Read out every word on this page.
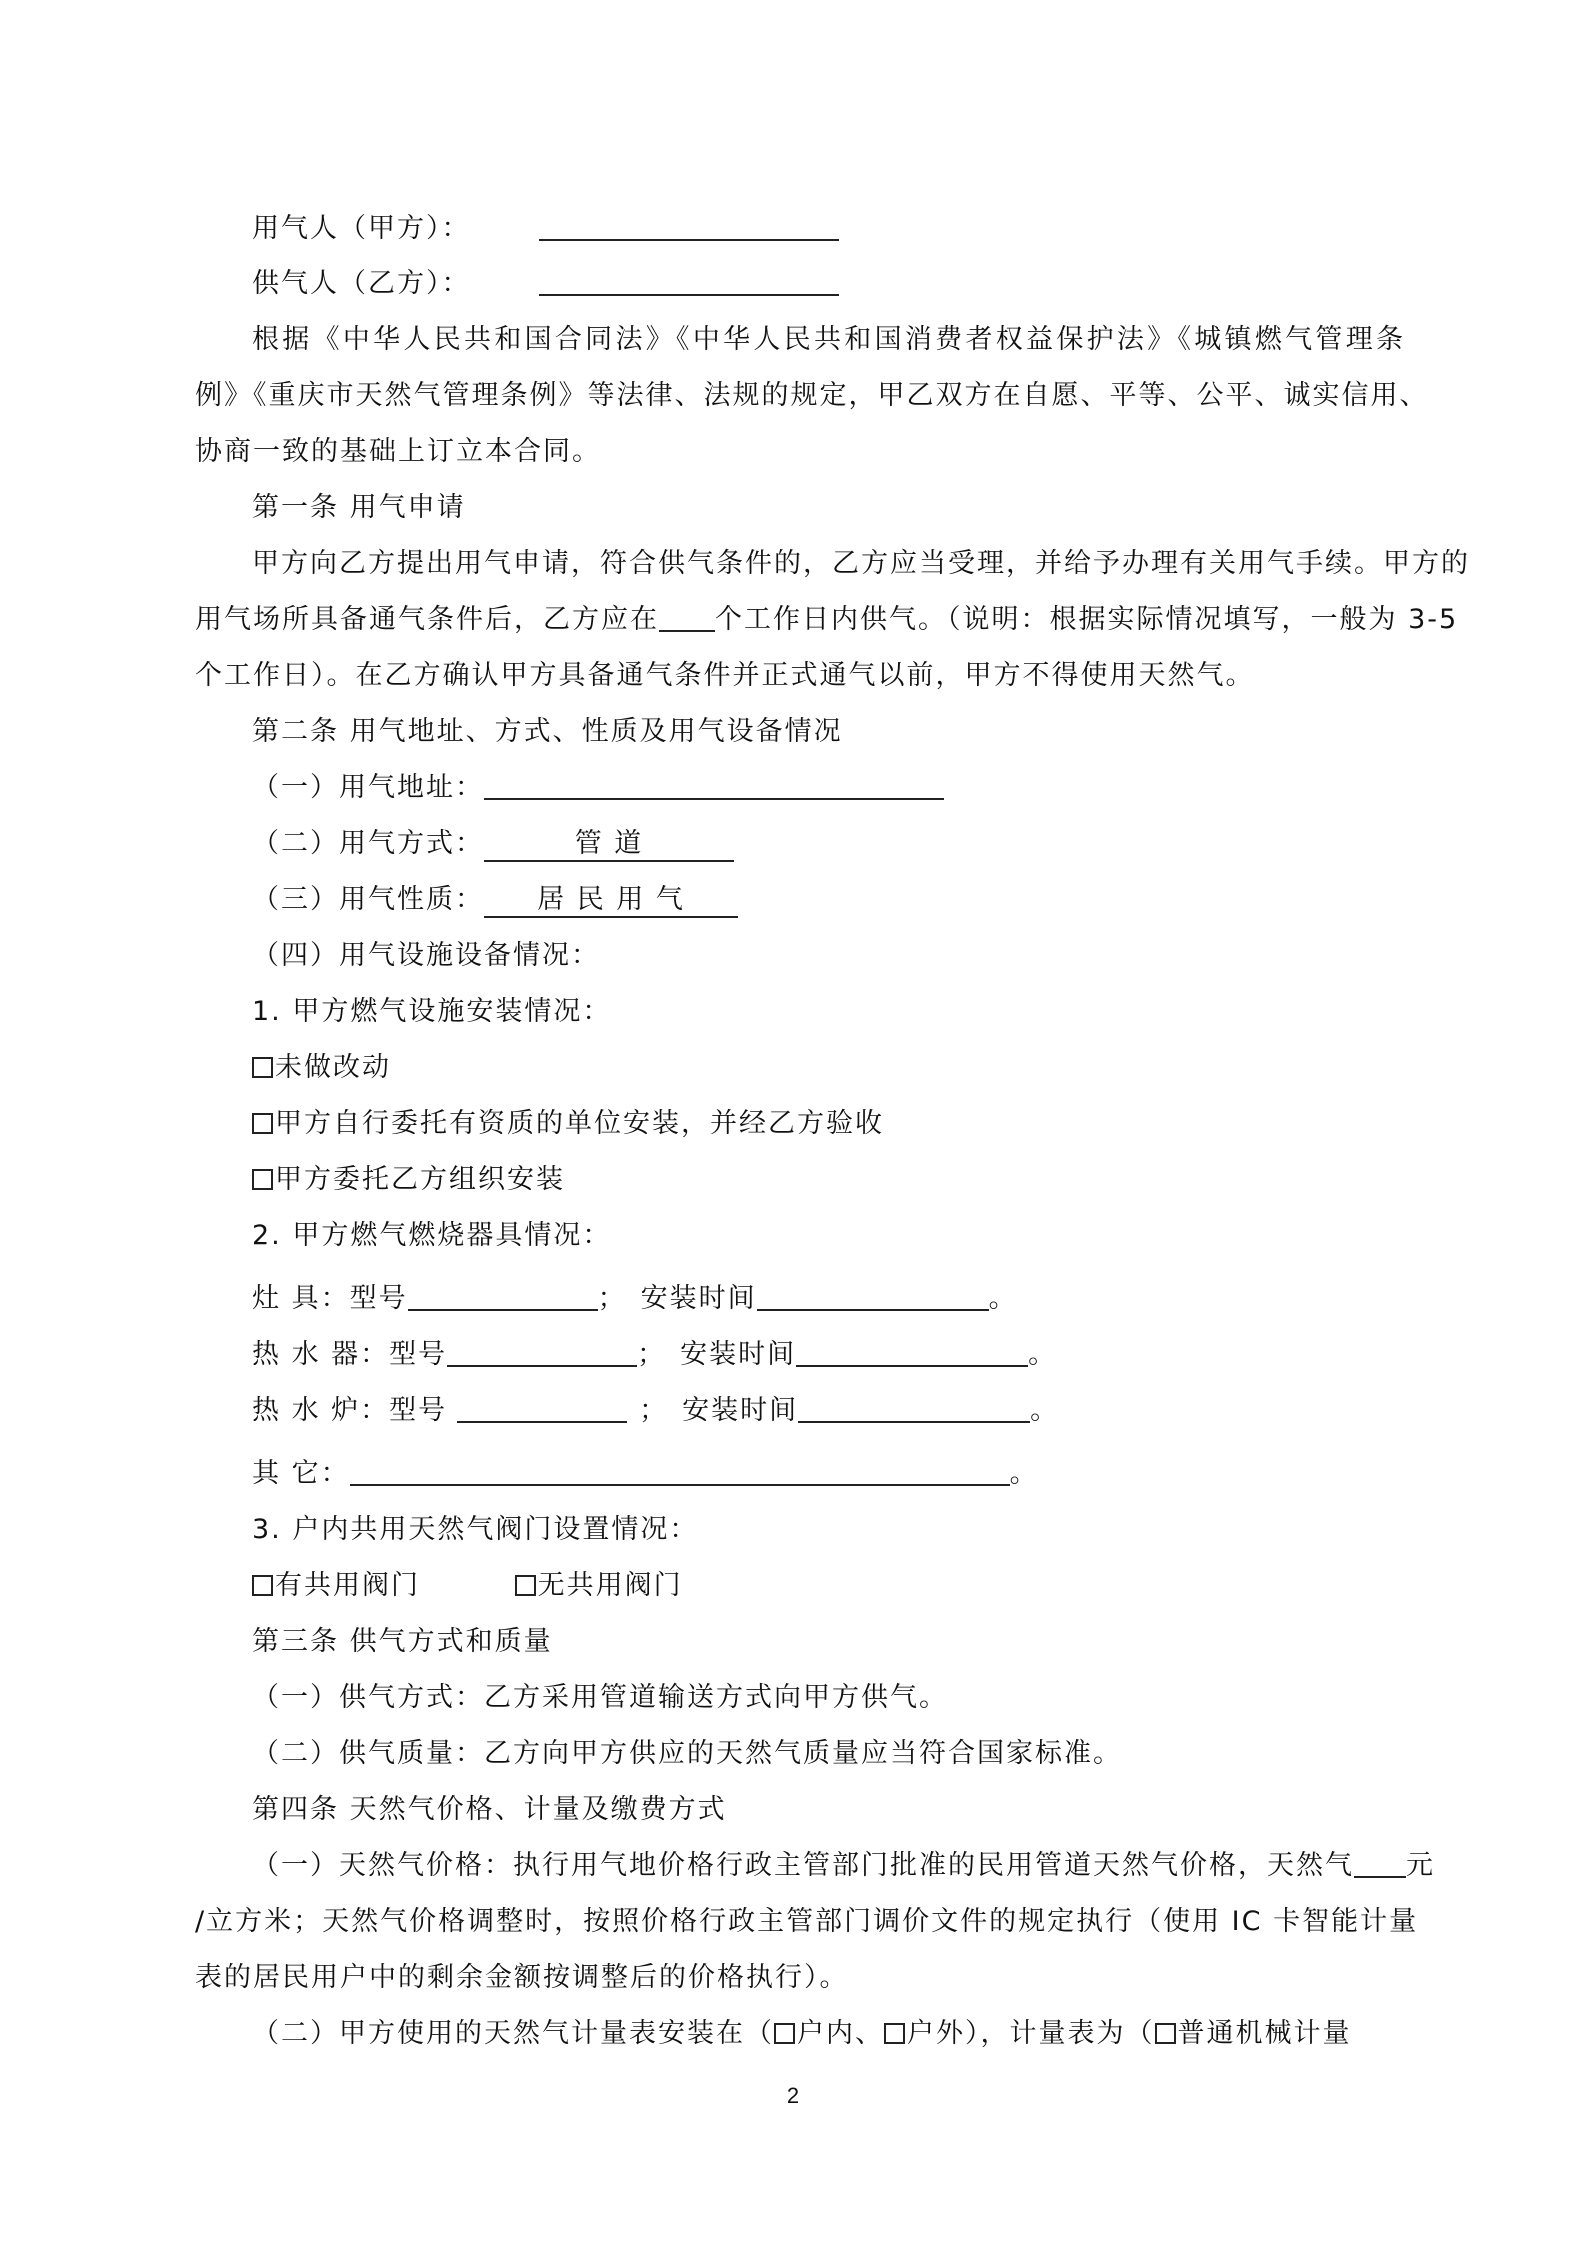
用气人（甲方）：
供气人（乙方）：
根据《中华人民共和国合同法》《中华人民共和国消费者权益保护法》《城镇燃气管理条
例》《重庆市天然气管理条例》等法律、法规的规定，甲乙双方在自愿、平等、公平、诚实信用、
协商一致的基础上订立本合同。
第一条 用气申请
甲方向乙方提出用气申请，符合供气条件的，乙方应当受理，并给予办理有关用气手续。甲方的
用气场所具备通气条件后，乙方应在 个工作日内供气。（说明：根据实际情况填写，一般为 3-5
个工作日）。在乙方确认甲方具备通气条件并正式通气以前，甲方不得使用天然气。
第二条 用气地址、方式、性质及用气设备情况
（一）用气地址：
（二）用气方式：	管 道
（三）用气性质： 居 民 用 气
（四）用气设施设备情况：
1. 甲方燃气设施安装情况：
未做改动
甲方自行委托有资质的单位安装，并经乙方验收
甲方委托乙方组织安装
2. 甲方燃气燃烧器具情况：
灶 具：型号	； 安装时间	。
热 水 器：型号	； 安装时间	。
热 水 炉：型号	； 安装时间	。
其 它：	。
3. 户内共用天然气阀门设置情况：
有共用阀门	无共用阀门
第三条 供气方式和质量
（一）供气方式：乙方采用管道输送方式向甲方供气。
（二）供气质量：乙方向甲方供应的天然气质量应当符合国家标准。
第四条 天然气价格、计量及缴费方式
（一）天然气价格：执行用气地价格行政主管部门批准的民用管道天然气价格，天然气 元
/立方米；天然气价格调整时，按照价格行政主管部门调价文件的规定执行（使用 IC 卡智能计量
表的居民用户中的剩余金额按调整后的价格执行）。
（二）甲方使用的天然气计量表安装在（ 户内、 户外），计量表为（ 普通机械计量
2
